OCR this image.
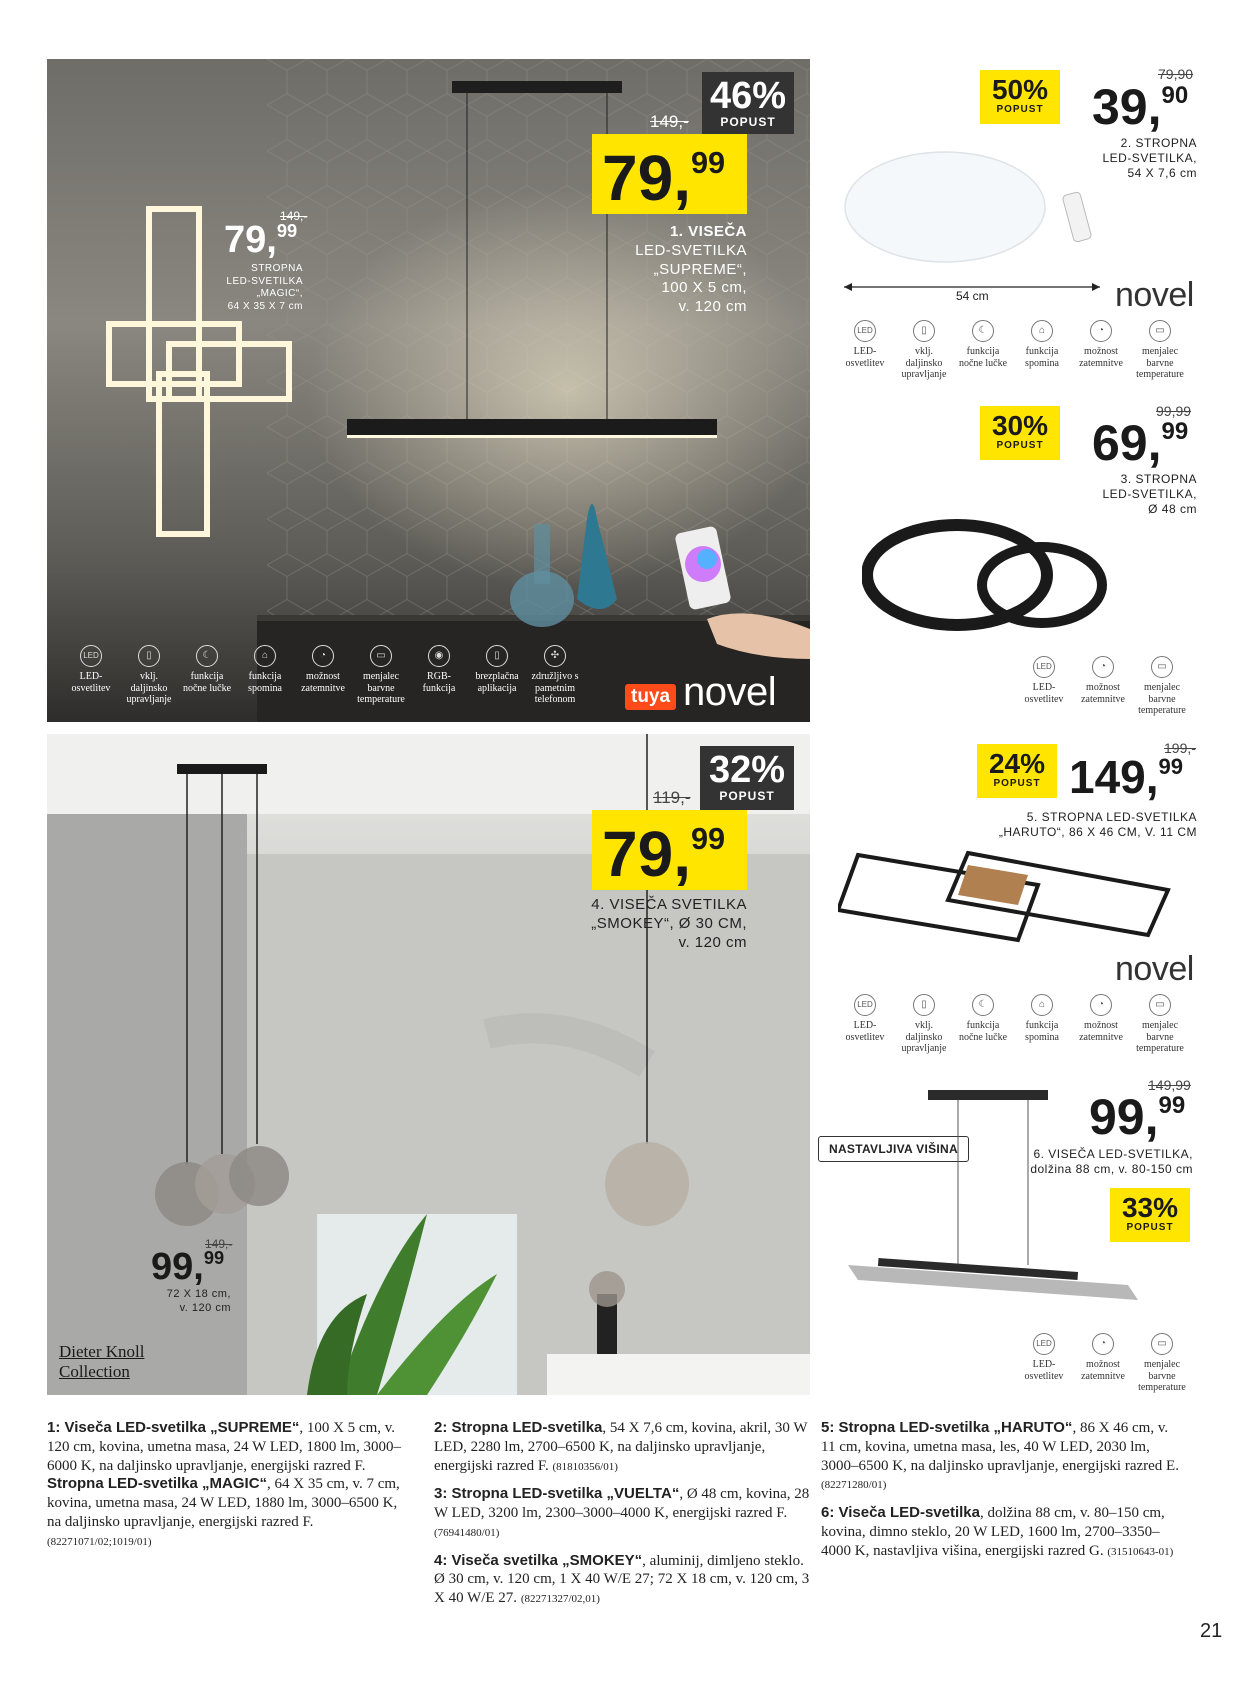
46%
POPUST
149,-
79,99
1. VISEČA
LED-SVETILKA
„SUPREME“,
100 X 5 cm,
v. 120 cm
149,-
79,99
STROPNA
LED-SVETILKA
„MAGIC“,
64 X 35 X 7 cm
LED
LED-osvetlitev
▯
vklj. daljinsko upravljanje
☾
funkcija nočne lučke
⌂
funkcija spomina
◔
možnost zatemnitve
▭
menjalec barvne temperature
◉
RGB-funkcija
▯
brezplačna aplikacija
✣
združljivo s pametnim telefonom	tuya novel
32%
POPUST
119,-
79,99
4. VISEČA SVETILKA
„SMOKEY“, Ø 30 CM,
v. 120 cm
149,-
99,99
72 X 18 cm,
v. 120 cm
Dieter Knoll
Collection
50%
POPUST
79,90
39,90
2. STROPNA
LED-SVETILKA,
54 X 7,6 cm
54 cm	novel
LED
LED-osvetlitev
▯
vklj. daljinsko upravljanje
☾
funkcija nočne lučke
⌂
funkcija spomina
◔
možnost zatemnitve
▭
menjalec barvne temperature
30%
POPUST
99,99
69,99
3. STROPNA
LED-SVETILKA,
Ø 48 cm
LED
LED-osvetlitev
◔
možnost zatemnitve
▭
menjalec barvne temperature
24%
POPUST
199,-
149,99
5. STROPNA LED-SVETILKA
„HARUTO“, 86 X 46 CM, V. 11 CM
novel
LED
LED-osvetlitev
▯
vklj. daljinsko upravljanje
☾
funkcija nočne lučke
⌂
funkcija spomina
◔
možnost zatemnitve
▭
menjalec barvne temperature
149,99
99,99
6. VISEČA LED-SVETILKA,
dolžina 88 cm, v. 80-150 cm
NASTAVLJIVA VIŠINA
33%
POPUST
LED
LED-osvetlitev
◔
možnost zatemnitve
▭
menjalec barvne temperature
1: Viseča LED-svetilka „SUPREME“, 100 X 5 cm, v. 120 cm, kovina, umetna masa, 24 W LED, 1800 lm, 3000–6000 K, na daljinsko upravljanje, energijski razred F. Stropna LED-svetilka „MAGIC“, 64 X 35 cm, v. 7 cm, kovina, umetna masa, 24 W LED, 1880 lm, 3000–6500 K, na daljinsko upravljanje, energijski razred F. (82271071/02;1019/01)
2: Stropna LED-svetilka, 54 X 7,6 cm, kovina, akril, 30 W LED, 2280 lm, 2700–6500 K, na daljinsko upravljanje, energijski razred F. (81810356/01)
3: Stropna LED-svetilka „VUELTA“, Ø 48 cm, kovina, 28 W LED, 3200 lm, 2300–3000–4000 K, energijski razred F. (76941480/01)
4: Viseča svetilka „SMOKEY“, aluminij, dimljeno steklo. Ø 30 cm, v. 120 cm, 1 X 40 W/E 27; 72 X 18 cm, v. 120 cm, 3 X 40 W/E 27. (82271327/02,01)
5: Stropna LED-svetilka „HARUTO“, 86 X 46 cm, v. 11 cm, kovina, umetna masa, les, 40 W LED, 2030 lm, 3000–6500 K, na daljinsko upravljanje, energijski razred E. (82271280/01)
6: Viseča LED-svetilka, dolžina 88 cm, v. 80–150 cm, kovina, dimno steklo, 20 W LED, 1600 lm, 2700–3350–4000 K, nastavljiva višina, energijski razred G. (31510643-01)
21
